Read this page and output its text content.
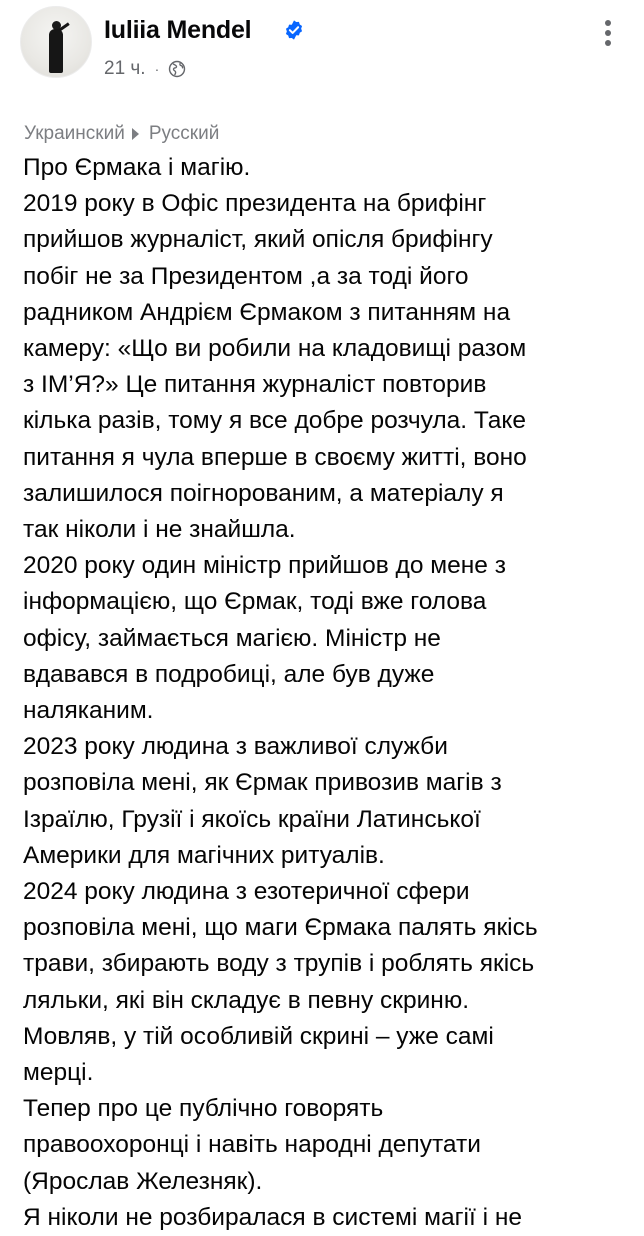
Iuliia Mendel
21 ч. ·
Украинский Русский

Про Єрмака і магію.

2019 року в Офіс президента на брифінг

прийшов журналіст, який опісля брифінгу

побіг не за Президентом ,а за тоді його

радником Андрієм Єрмаком з питанням на

камеру: «Що ви робили на кладовищі разом

з ІМ’Я?» Це питання журналіст повторив

кілька разів, тому я все добре розчула. Таке

питання я чула вперше в своєму житті, воно

залишилося поігнорованим, а матеріалу я

так ніколи і не знайшла.

2020 року один міністр прийшов до мене з

інформацією, що Єрмак, тоді вже голова

офісу, займається магією. Міністр не

вдавався в подробиці, але був дуже

наляканим.

2023 року людина з важливої служби

розповіла мені, як Єрмак привозив магів з

Ізраїлю, Грузії і якоїсь країни Латинської

Америки для магічних ритуалів.

2024 року людина з езотеричної сфери

розповіла мені, що маги Єрмака палять якісь

трави, збирають воду з трупів і роблять якісь

ляльки, які він складує в певну скриню.

Мовляв, у тій особливій скрині – уже самі

мерці.

Тепер про це публічно говорять

правоохоронці і навіть народні депутати

(Ярослав Железняк).

Я ніколи не розбиралася в системі магії і не
